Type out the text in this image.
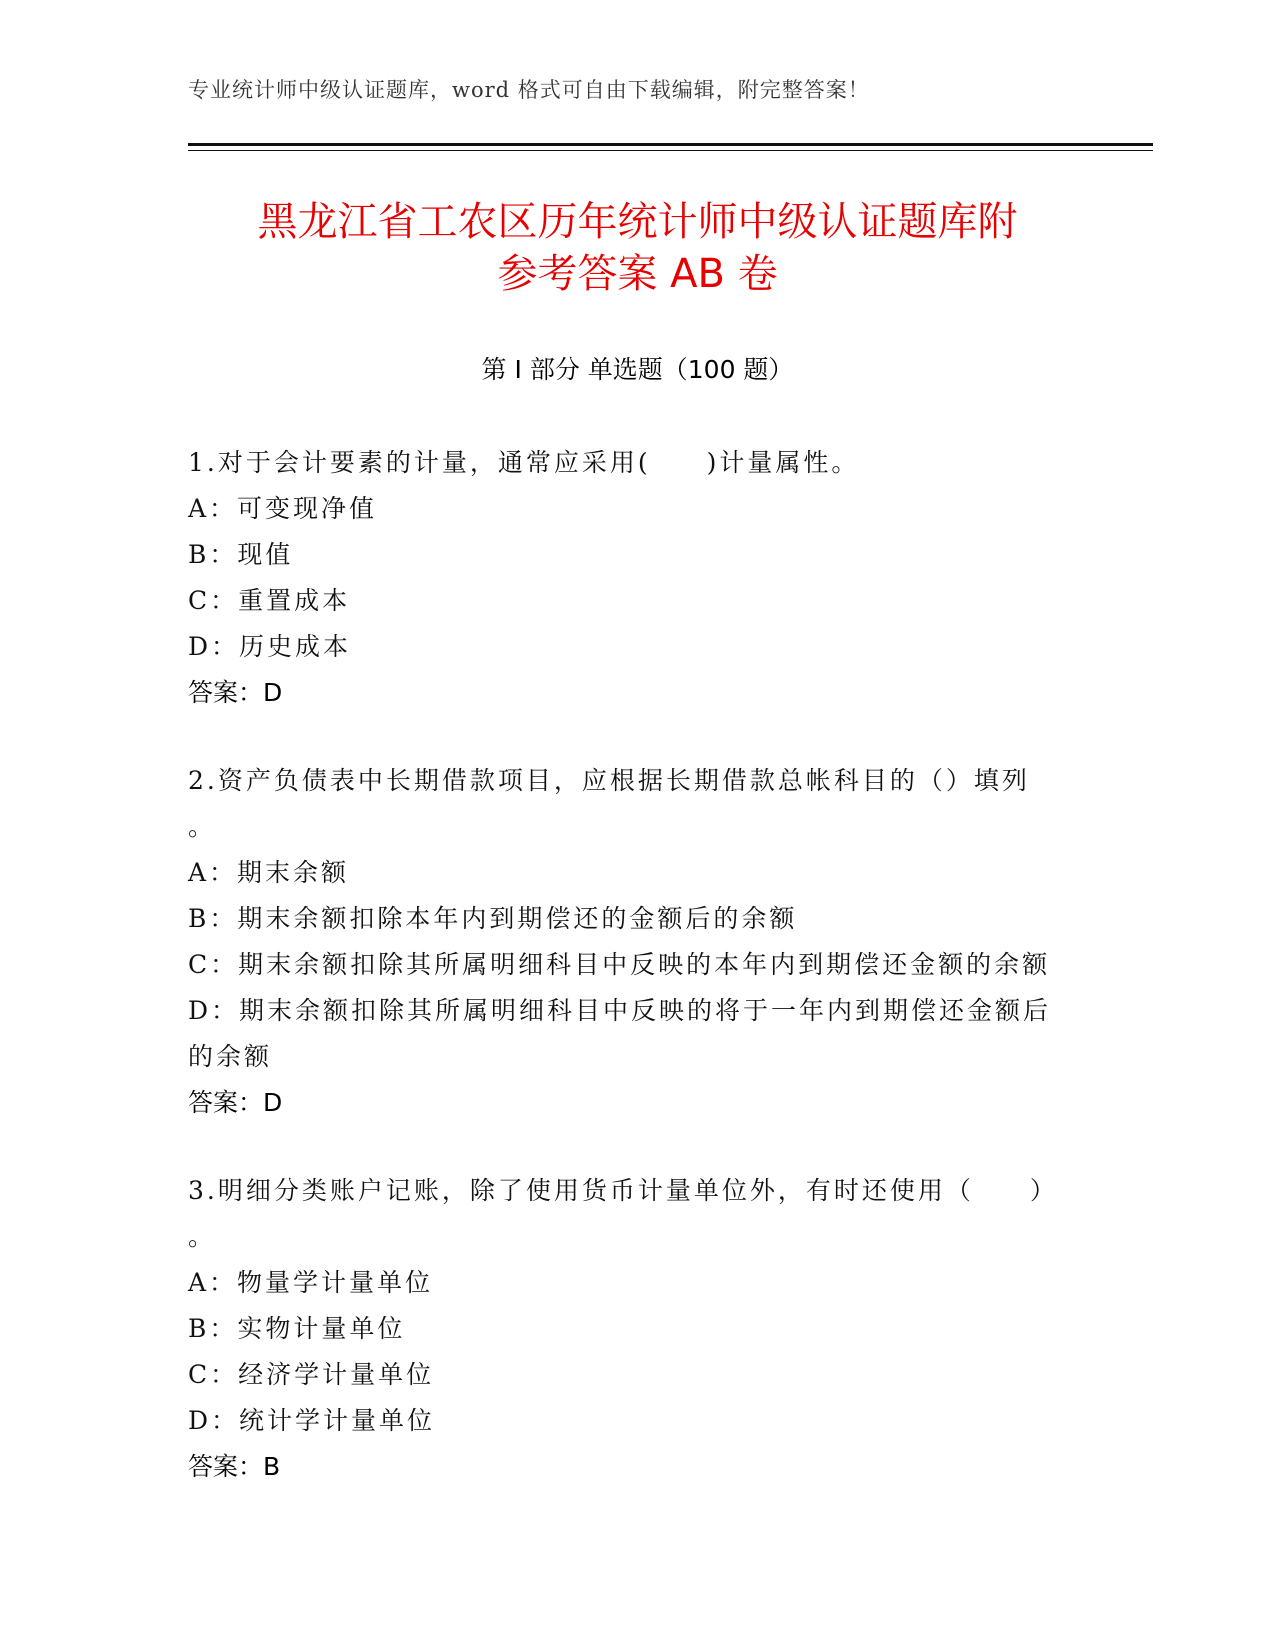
专业统计师中级认证题库，word 格式可自由下载编辑，附完整答案！
黑龙江省工农区历年统计师中级认证题库附
参考答案 AB 卷
第 I 部分 单选题（100 题）
1.对于会计要素的计量，通常应采用(　　)计量属性。
A：可变现净值
B：现值
C：重置成本
D：历史成本
答案：D
2.资产负债表中长期借款项目，应根据长期借款总帐科目的（）填列
。
A：期末余额
B：期末余额扣除本年内到期偿还的金额后的余额
C：期末余额扣除其所属明细科目中反映的本年内到期偿还金额的余额
D：期末余额扣除其所属明细科目中反映的将于一年内到期偿还金额后
的余额
答案：D
3.明细分类账户记账，除了使用货币计量单位外，有时还使用（　　）
。
A：物量学计量单位
B：实物计量单位
C：经济学计量单位
D：统计学计量单位
答案：B
